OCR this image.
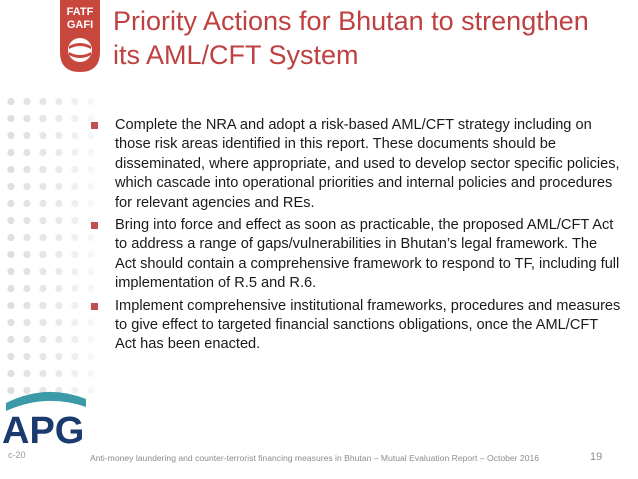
FATF
GAFI Priority Actions for Bhutan to strengthen its AML/CFT System
Complete the NRA and adopt a risk-based AML/CFT strategy including on those risk areas identified in this report. These documents should be disseminated, where appropriate, and used to develop sector specific policies, which cascade into operational priorities and internal policies and procedures for relevant agencies and REs.
Bring into force and effect as soon as practicable, the proposed AML/CFT Act to address a range of gaps/vulnerabilities in Bhutan’s legal framework. The Act should contain a comprehensive framework to respond to TF, including full implementation of R.5 and R.6.
Implement comprehensive institutional frameworks, procedures and measures to give effect to targeted financial sanctions obligations, once the AML/CFT Act has been enacted.
APG
c-20	Anti-money laundering and counter-terrorist financing measures in Bhutan – Mutual Evaluation Report – October 2016	19
